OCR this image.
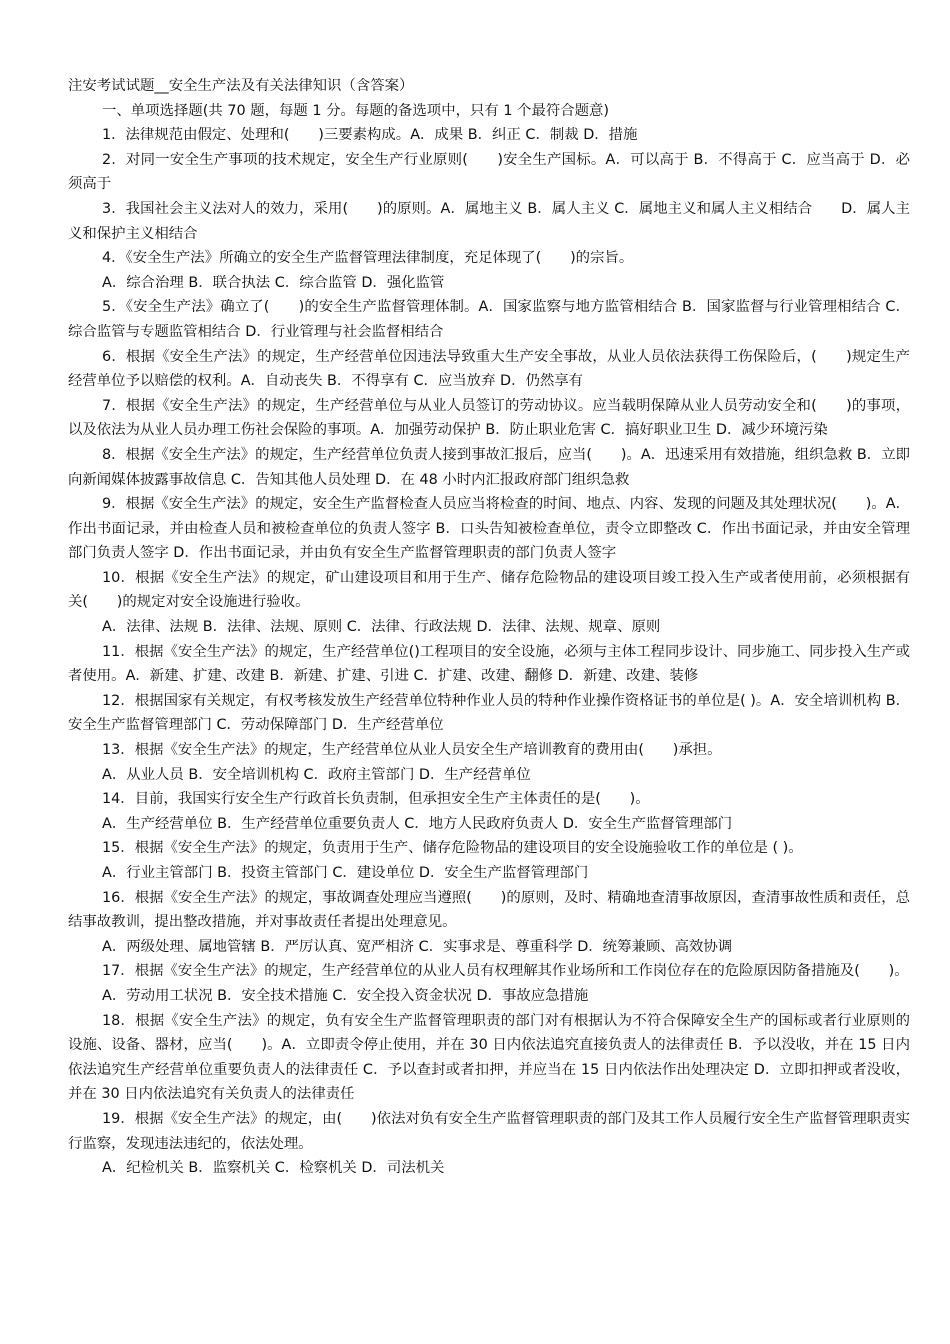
注安考试试题__安全生产法及有关法律知识（含答案）

一、单项选择题(共 70 题，每题 1 分。每题的备选项中，只有 1 个最符合题意)

1．法律规范由假定、处理和(　　)三要素构成。A．成果 B．纠正 C．制裁 D．措施

2．对同一安全生产事项的技术规定，安全生产行业原则(　　)安全生产国标。A．可以高于 B．不得高于 C．应当高于 D．必须高于

3．我国社会主义法对人的效力，采用(　　)的原则。A．属地主义 B．属人主义 C．属地主义和属人主义相结合　　D．属人主义和保护主义相结合

4．《安全生产法》所确立的安全生产监督管理法律制度，充足体现了(　　)的宗旨。

A．综合治理 B．联合执法 C．综合监管 D．强化监管

5．《安全生产法》确立了(　　)的安全生产监督管理体制。A．国家监察与地方监管相结合 B．国家监督与行业管理相结合 C．综合监管与专题监管相结合 D．行业管理与社会监督相结合

6．根据《安全生产法》的规定，生产经营单位因违法导致重大生产安全事故，从业人员依法获得工伤保险后，(　　)规定生产经营单位予以赔偿的权利。A．自动丧失 B．不得享有 C．应当放弃 D．仍然享有

7．根据《安全生产法》的规定，生产经营单位与从业人员签订的劳动协议。应当载明保障从业人员劳动安全和(　　)的事项，以及依法为从业人员办理工伤社会保险的事项。A．加强劳动保护 B．防止职业危害 C．搞好职业卫生 D．减少环境污染

8．根据《安全生产法》的规定，生产经营单位负责人接到事故汇报后，应当(　　)。A．迅速采用有效措施，组织急救 B．立即向新闻媒体披露事故信息 C．告知其他人员处理 D．在 48 小时内汇报政府部门组织急救

9．根据《安全生产法》的规定，安全生产监督检查人员应当将检查的时间、地点、内容、发现的问题及其处理状况(　　)。A．作出书面记录，并由检查人员和被检查单位的负责人签字 B．口头告知被检查单位，责令立即整改 C．作出书面记录，并由安全管理部门负责人签字 D．作出书面记录，并由负有安全生产监督管理职责的部门负责人签字

10．根据《安全生产法》的规定，矿山建设项目和用于生产、储存危险物品的建设项目竣工投入生产或者使用前，必须根据有关(　　)的规定对安全设施进行验收。

A．法律、法规 B．法律、法规、原则 C．法律、行政法规 D．法律、法规、规章、原则

11．根据《安全生产法》的规定，生产经营单位()工程项目的安全设施，必须与主体工程同步设计、同步施工、同步投入生产或者使用。A．新建、扩建、改建 B．新建、扩建、引进 C．扩建、改建、翻修 D．新建、改建、装修

12．根据国家有关规定，有权考核发放生产经营单位特种作业人员的特种作业操作资格证书的单位是( )。A．安全培训机构 B．安全生产监督管理部门 C．劳动保障部门 D．生产经营单位

13．根据《安全生产法》的规定，生产经营单位从业人员安全生产培训教育的费用由(　　)承担。

A．从业人员 B．安全培训机构 C．政府主管部门 D．生产经营单位

14．目前，我国实行安全生产行政首长负责制，但承担安全生产主体责任的是(　　)。

A．生产经营单位 B．生产经营单位重要负责人 C．地方人民政府负责人 D．安全生产监督管理部门

15．根据《安全生产法》的规定，负责用于生产、储存危险物品的建设项目的安全设施验收工作的单位是 ( )。

A．行业主管部门 B．投资主管部门 C．建设单位 D．安全生产监督管理部门

16．根据《安全生产法》的规定，事故调查处理应当遵照(　　)的原则，及时、精确地查清事故原因，查清事故性质和责任，总结事故教训，提出整改措施，并对事故责任者提出处理意见。

A．两级处理、属地管辖 B．严厉认真、宽严相济 C．实事求是、尊重科学 D．统筹兼顾、高效协调

17．根据《安全生产法》的规定，生产经营单位的从业人员有权理解其作业场所和工作岗位存在的危险原因防备措施及(　　)。

A．劳动用工状况 B．安全技术措施 C．安全投入资金状况 D．事故应急措施

18．根据《安全生产法》的规定，负有安全生产监督管理职责的部门对有根据认为不符合保障安全生产的国标或者行业原则的设施、设备、器材，应当(　　)。A．立即责令停止使用，并在 30 日内依法追究直接负责人的法律责任 B．予以没收，并在 15 日内依法追究生产经营单位重要负责人的法律责任 C．予以查封或者扣押，并应当在 15 日内依法作出处理决定 D．立即扣押或者没收，并在 30 日内依法追究有关负责人的法律责任

19．根据《安全生产法》的规定，由(　　)依法对负有安全生产监督管理职责的部门及其工作人员履行安全生产监督管理职责实行监察，发现违法违纪的，依法处理。

A．纪检机关 B．监察机关 C．检察机关 D．司法机关
